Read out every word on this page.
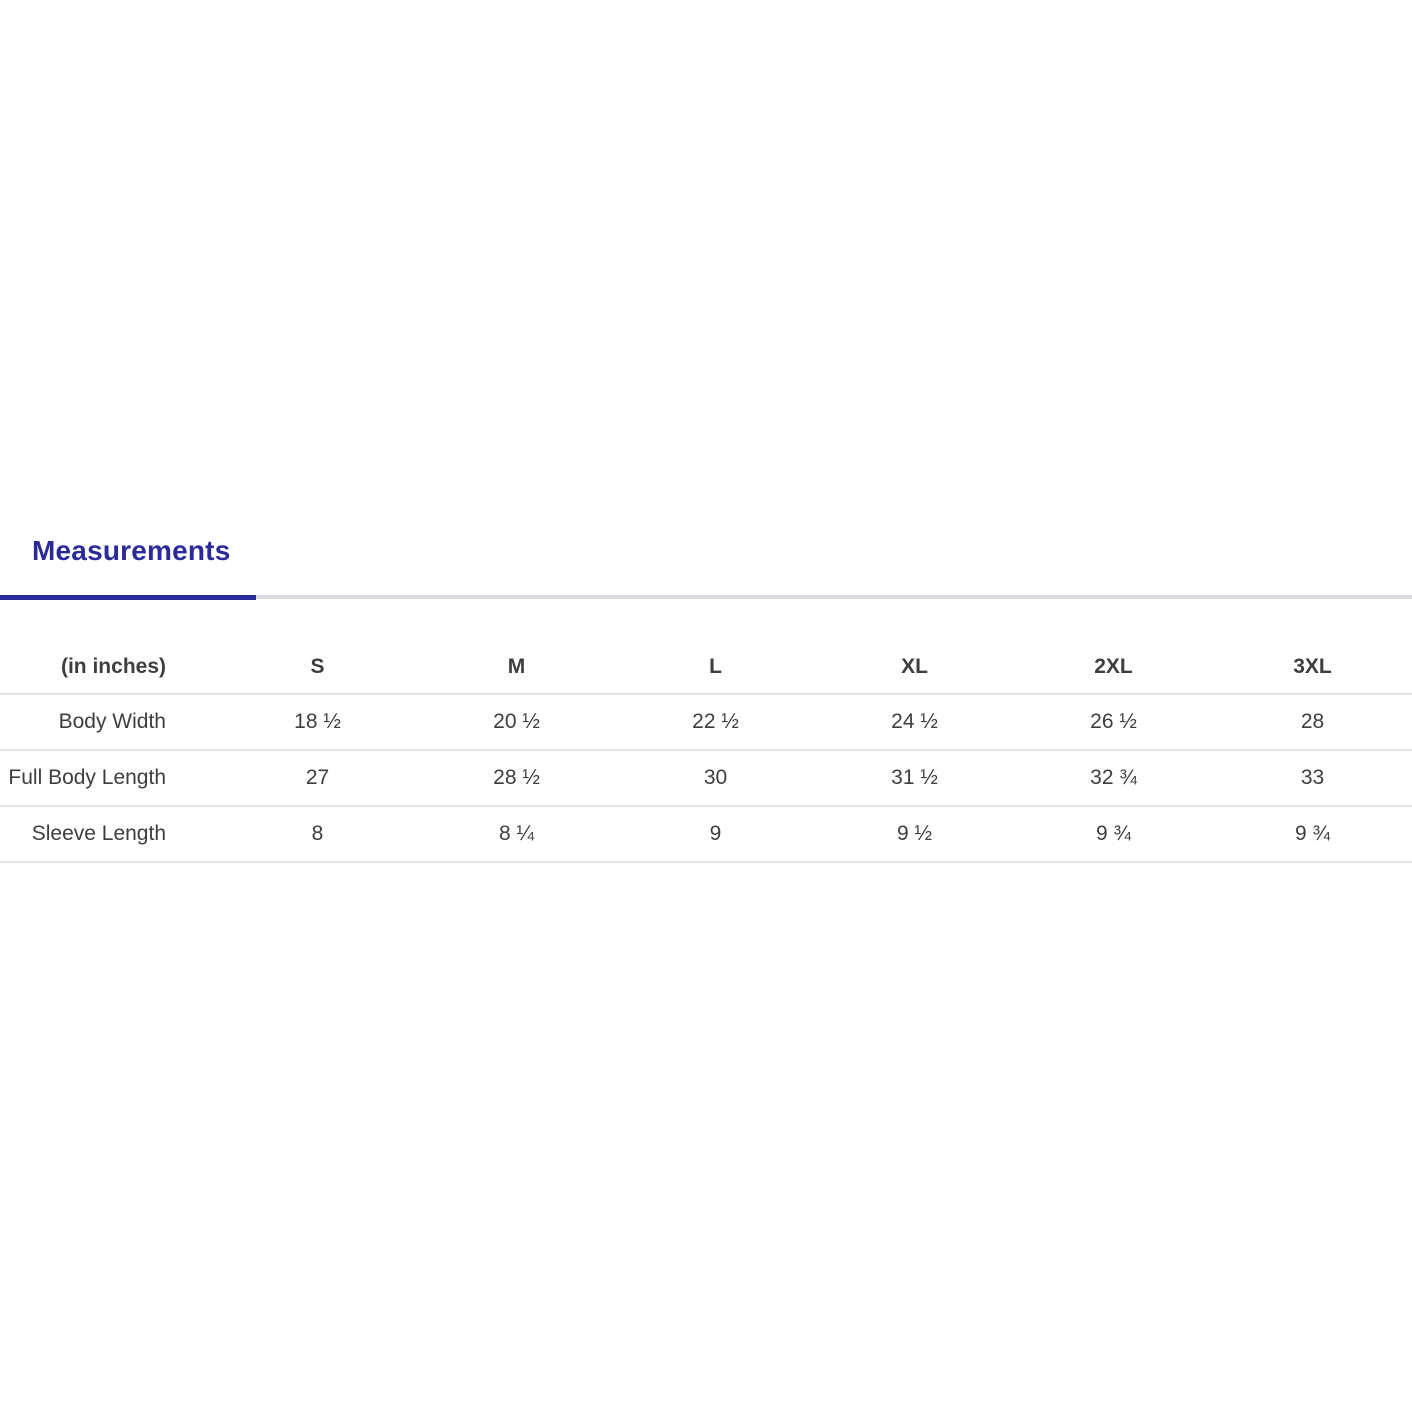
Measurements
(in inches)	S	M	L	XL	2XL	3XL
Body Width	18 ½	20 ½	22 ½	24 ½	26 ½	28
Full Body Length	27	28 ½	30	31 ½	32 ¾	33
Sleeve Length	8	8 ¼	9	9 ½	9 ¾	9 ¾
